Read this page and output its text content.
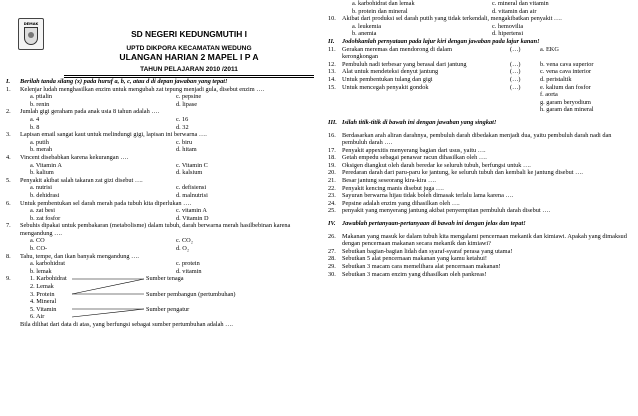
DEMAK
SD NEGERI KEDUNGMUTIH I
UPTD DIKPORA KECAMATAN WEDUNG
ULANGAN HARIAN 2 MAPEL I P A
TAHUN PELAJARAN 2010 /2011
I.	Berilah tanda silang (x) pada huruf a, b, c, atau d di depan jawaban yang tepat!
1.	Kelenjar ludah menghasilkan enzim untuk mengubah zat tepung menjadi gula, disebut enzim ….
a. ptialin	c. pepsine
b. renin	d. lipase
2.	Jumlah gigi geraham pada anak usia 8 tahun adalah ….
a. 4	c. 16
b. 8	d. 32
3.	Lapisan email sangat kaut untuk melindungi gigi, lapisan ini berwarna ….
a. putih	c. biru
b. merah	d. hitam
4.	Vincent disebabkan karena kekurangan ….
a. Vitamin A	c. Vitamin C
b. kalium	d. kalsium
5.	Penyakit akibat salah takaran zat gizi disebut ….
a. nutrisi	c. defisiensi
b. dehidrasi	d. malnutrisi
6.	Untuk pembentukan sel darah merah pada tubuh kita diperlukan ….
a. zat besi	c. vitamin A
b. zat fosfor	d. Vitamin D
7.	Sebuhis dipakai untuk pembakaran (metabolisme) dalam tubuh, darah berwarna merah hasilbebinan karena mengandung ….
a. CO	c. CO₂
b. CO-	d. O₂
8.	Tahu, tempe, dan ikan banyak mengandung ….
a. karbohidrat	c. protein
b. lemak	d. vitamin
9.	1. Karbohidrat
2. Lemak
3. Protein
4. Mineral
5. Vitamin
6. Air
Sumber tenaga
Sumber pembangun (pertumbuhan)
Sumber pengatur
Bila dilihat dari data di atas, yang berfungsi sebagai sumber pertumbuhan adalah ….
a. karbohidrat dan lemak	c. mineral dan vitamin
b. protein dan mineral	d. vitamin dan air
10. Akibat dari produksi sel darah putih yang tidak terkendali, mengakibatkan penyakit ….
a. leukemia	c. hemovilia
b. anemia	d. hipertensi
II.	Jodohkanlah pernyataan pada lajur kiri dengan jawaban pada lajur kanan!
11.	Gerakan meremas dan mendorong di dalam	(…)	a. EKG
kerongkongan
12. Pembuluh nadi terbesar yang berasal dari jantung	(…)	b. vena cava superior
13. Alat untuk mendeteksi denyut jantung	(…)	c. vena cava interior
14. Untuk pembentukan tulang dan gigi	(…)	d. peristaltik
15. Untuk mencegah penyakit gondok	(…)	e. kalium dan fosfor
f. aorta
g. garam beryodium
h. garam dan mineral
III. Isilah titik-titik di bawah ini dengan jawaban yang singkat!
16. Berdasarkan arah aliran darahnya, pembuluh darah dibedakan menjadi dua, yaitu pembuluh darah nadi dan pembuluh darah ….
17. Penyakit appexitis menyerang bagian dari usus, yaitu ….
18. Getah empedu sebagai penawar racun dihasilkan oleh ….
19. Oksigen diangkut oleh darah beredar ke seluruh tubuh, berfungsi untuk ….
20. Peredaran darah dari paru-paru ke jantung, ke seluruh tubuh dan kembali ke jantung disebut ….
21. Besar jantung seseorang kira-kira ….
22. Penyakit kencing manis disebut juga ….
23. Sayuran berwarna hijau tidak boleh dimasak terlalu lama karena ….
24. Pepsine adalah enzim yang dihasilkan oleh ….
25. penyakit yang menyerang jantung akibat penyempitan pembuluh darah disebut ….
IV.	Jawablah pertanyaan-pertanyaan di bawah ini dengan jelas dan tepat!
26. Makanan yang masuk ke dalam tubuh kita mengalami pencernaan mekanik dan kimiawi. Apakah yang dimaksud dengan pencernaan makanan secara mekanik dan kimiawi?
27. Sebutkan bagian-bagian lidah dan syaraf-syaraf perasa yang utama!
28. Sebutkan 5 alat pencernaan makanan yang kamu ketahui!
29. Sebutkan 3 macam cara memelihara alat pencernaan makanan!
30. Sebutkan 3 macam enzim yang dihasilkan oleh pankreas!
